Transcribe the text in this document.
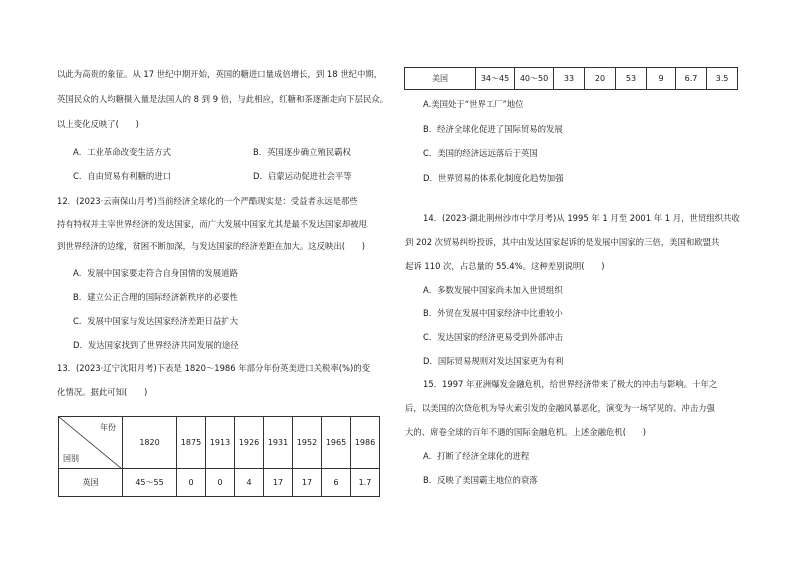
以此为高贵的象征。从 17 世纪中期开始，英国的糖进口量成倍增长，到 18 世纪中期，
英国民众的人均糖摄入量是法国人的 8 到 9 倍，与此相应，红糖和茶逐渐走向下层民众。
以上变化反映了(　　)
A．工业革命改变生活方式	B．英国逐步确立殖民霸权
C．自由贸易有利糖的进口	D．启蒙运动促进社会平等
12．(2023·云南保山月考)当前经济全球化的一个严酷现实是：受益者永远是那些
持有特权并主宰世界经济的发达国家，而广大发展中国家尤其是最不发达国家却被甩
到世界经济的边缘，贫困不断加深，与发达国家的经济差距在加大。这反映出(　　)
A．发展中国家要走符合自身国情的发展道路
B．建立公正合理的国际经济新秩序的必要性
C．发展中国家与发达国家经济差距日益扩大
D．发达国家找到了世界经济共同发展的途径
13．(2023·辽宁沈阳月考)下表是 1820～1986 年部分年份英美进口关税率(%)的变
化情况。据此可知(　　)
年份
国别	1820	1875	1913	1926	1931	1952	1965	1986
英国	45～55	0	0	4	17	17	6	1.7
美国	34～45	40～50	33	20	53	9	6.7	3.5
A.美国处于“世界工厂”地位
B．经济全球化促进了国际贸易的发展
C．美国的经济远远落后于英国
D．世界贸易的体系化制度化趋势加强
14．(2023·湖北荆州沙市中学月考)从 1995 年 1 月至 2001 年 1 月，世贸组织共收
到 202 次贸易纠纷投诉，其中由发达国家起诉的是发展中国家的三倍，美国和欧盟共
起诉 110 次，占总量的 55.4%。这种差别说明(　　)
A．多数发展中国家尚未加入世贸组织
B．外贸在发展中国家经济中比重较小
C．发达国家的经济更易受到外部冲击
D．国际贸易规则对发达国家更为有利
15．1997 年亚洲爆发金融危机，给世界经济带来了极大的冲击与影响。十年之
后，以美国的次贷危机为导火索引发的金融风暴恶化，演变为一场罕见的、冲击力强
大的、席卷全球的百年不遇的国际金融危机。上述金融危机(　　)
A．打断了经济全球化的进程
B．反映了美国霸主地位的衰落
